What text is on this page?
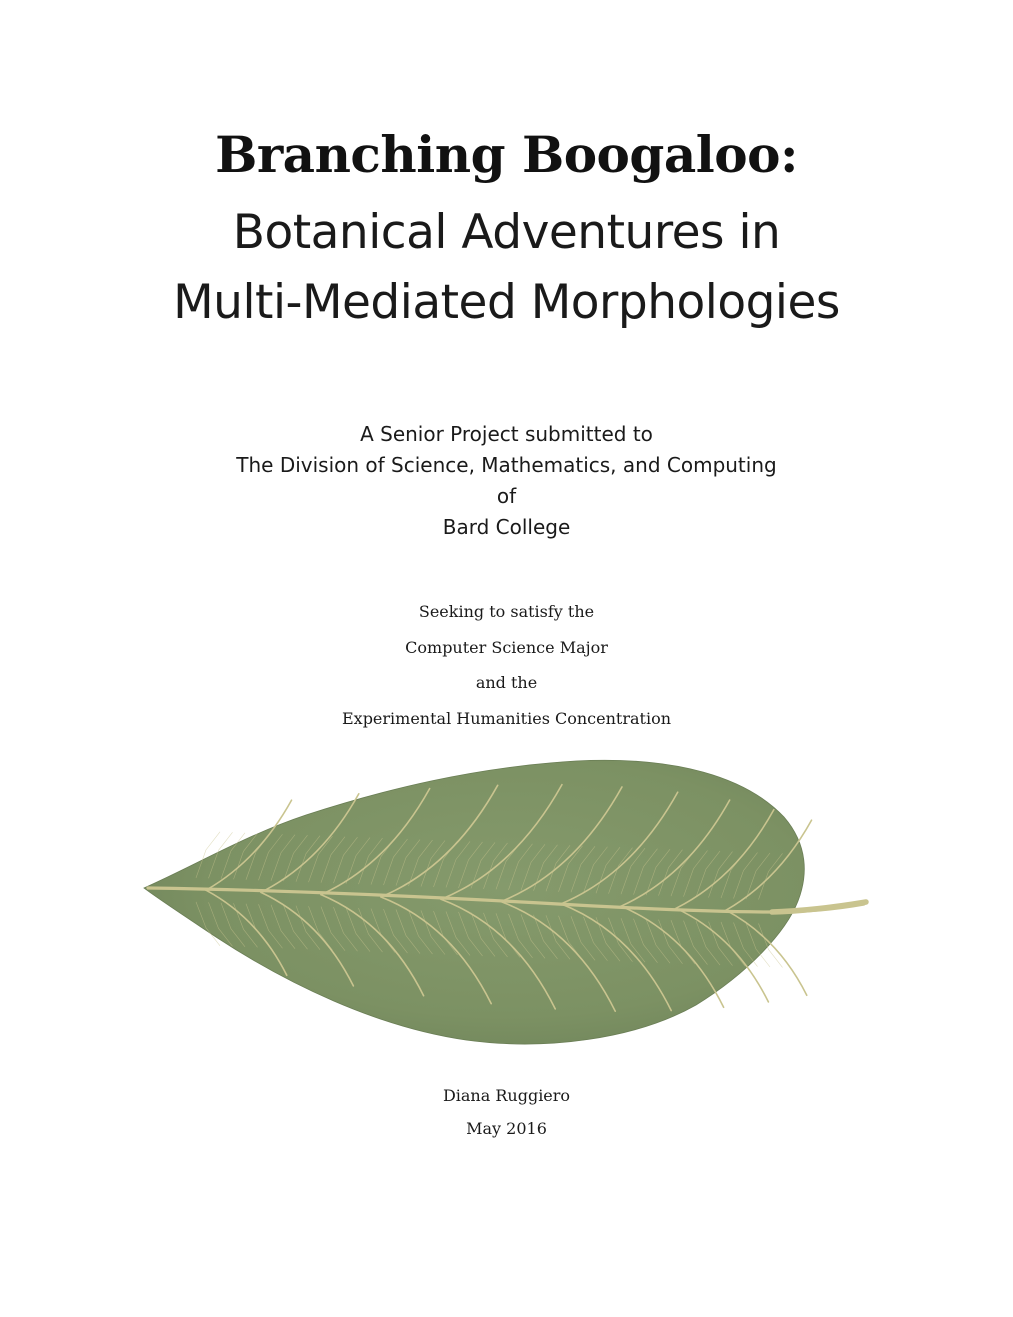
Branching Boogaloo:
Botanical Adventures in
Multi-Mediated Morphologies
A Senior Project submitted to
The Division of Science, Mathematics, and Computing
of
Bard College
Seeking to satisfy the
Computer Science Major
and the
Experimental Humanities Concentration
Diana Ruggiero
May 2016
